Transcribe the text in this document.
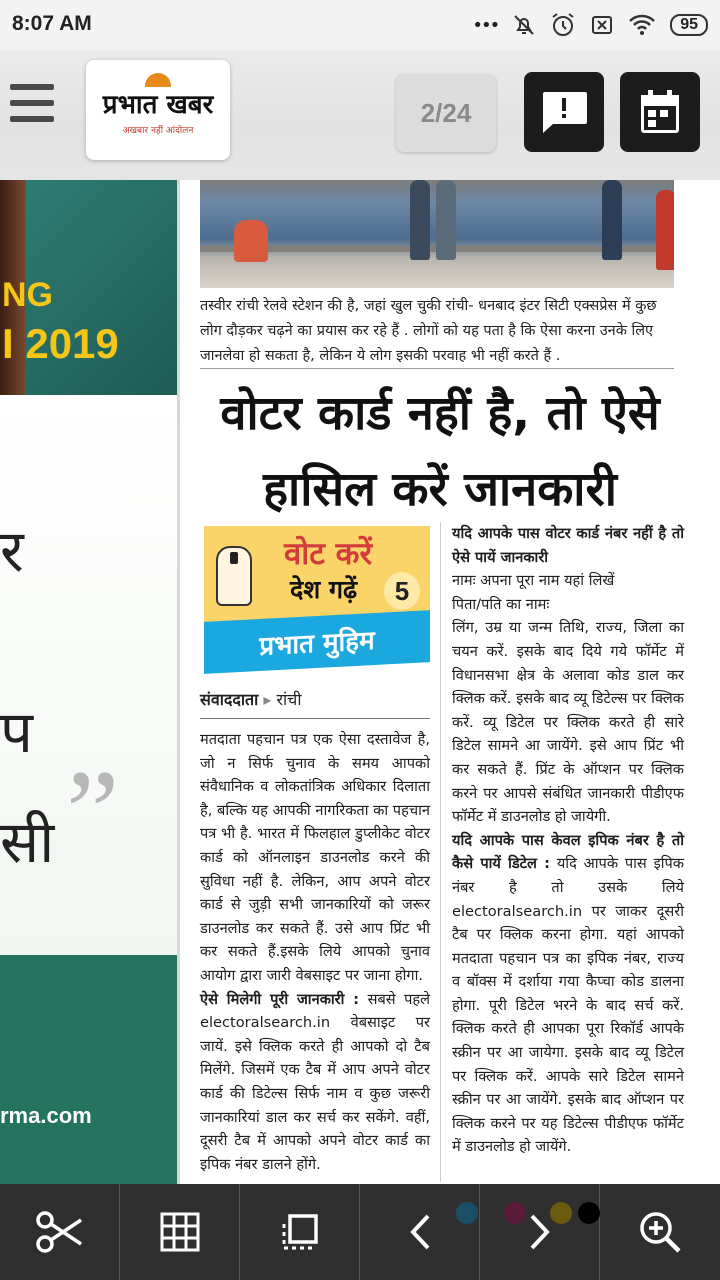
8:07 AM	•••	95
प्रभात खबर
अखबार नहीं आंदोलन
2/24
NG
I 2019
र
प
सी ”
rma.com
तस्वीर रांची रेलवे स्टेशन की है, जहां खुल चुकी रांची- धनबाद इंटर सिटी एक्सप्रेस में कुछ लोग दौड़कर चढ़ने का प्रयास कर रहे हैं . लोगों को यह पता है कि ऐसा करना उनके लिए जानलेवा हो सकता है, लेकिन ये लोग इसकी परवाह भी नहीं करते हैं .
वोटर कार्ड नहीं है, तो ऐसे हासिल करें जानकारी
वोट करें
देश गढ़ें	5
प्रभात मुहिम
संवाददाता ▸ रांची

मतदाता पहचान पत्र एक ऐसा दस्तावेज है, जो न सिर्फ चुनाव के समय आपको संवैधानिक व लोकतांत्रिक अधिकार दिलाता है, बल्कि यह आपकी नागरिकता का पहचान पत्र भी है. भारत में फिलहाल डुप्लीकेट वोटर कार्ड को ऑनलाइन डाउनलोड करने की सुविधा नहीं है. लेकिन, आप अपने वोटर कार्ड से जुड़ी सभी जानकारियों को जरूर डाउनलोड कर सकते हैं. उसे आप प्रिंट भी कर सकते हैं.इसके लिये आपको चुनाव आयोग द्वारा जारी वेबसाइट पर जाना होगा.

ऐसे मिलेगी पूरी जानकारी : सबसे पहले electoralsearch.in वेबसाइट पर जायें. इसे क्लिक करते ही आपको दो टैब मिलेंगे. जिसमें एक टैब में आप अपने वोटर कार्ड की डिटेल्स सिर्फ नाम व कुछ जरूरी जानकारियां डाल कर सर्च कर सकेंगे. वहीं, दूसरी टैब में आपको अपने वोटर कार्ड का इपिक नंबर डालने होंगे.

यदि आपके पास वोटर कार्ड नंबर नहीं है तो ऐसे पायें जानकारी

नामः अपना पूरा नाम यहां लिखें

पिता/पति का नामः

लिंग, उम्र या जन्म तिथि, राज्य, जिला का चयन करें. इसके बाद दिये गये फॉर्मेट में विधानसभा क्षेत्र के अलावा कोड डाल कर क्लिक करें. इसके बाद व्यू डिटेल्स पर क्लिक करें. व्यू डिटेल पर क्लिक करते ही सारे डिटेल सामने आ जायेंगे. इसे आप प्रिंट भी कर सकते हैं. प्रिंट के ऑप्शन पर क्लिक करने पर आपसे संबंधित जानकारी पीडीएफ फॉर्मेट में डाउनलोड हो जायेगी.

यदि आपके पास केवल इपिक नंबर है तो कैसे पायें डिटेल : यदि आपके पास इपिक नंबर है तो उसके लिये electoralsearch.in पर जाकर दूसरी टैब पर क्लिक करना होगा. यहां आपको मतदाता पहचान पत्र का इपिक नंबर, राज्य व बॉक्स में दर्शाया गया कैप्चा कोड डालना होगा. पूरी डिटेल भरने के बाद सर्च करें. क्लिक करते ही आपका पूरा रिकॉर्ड आपके स्क्रीन पर आ जायेगा. इसके बाद व्यू डिटेल पर क्लिक करें. आपके सारे डिटेल सामने स्क्रीन पर आ जायेंगे. इसके बाद ऑप्शन पर क्लिक करने पर यह डिटेल्स पीडीएफ फॉर्मेट में डाउनलोड हो जायेंगे.
